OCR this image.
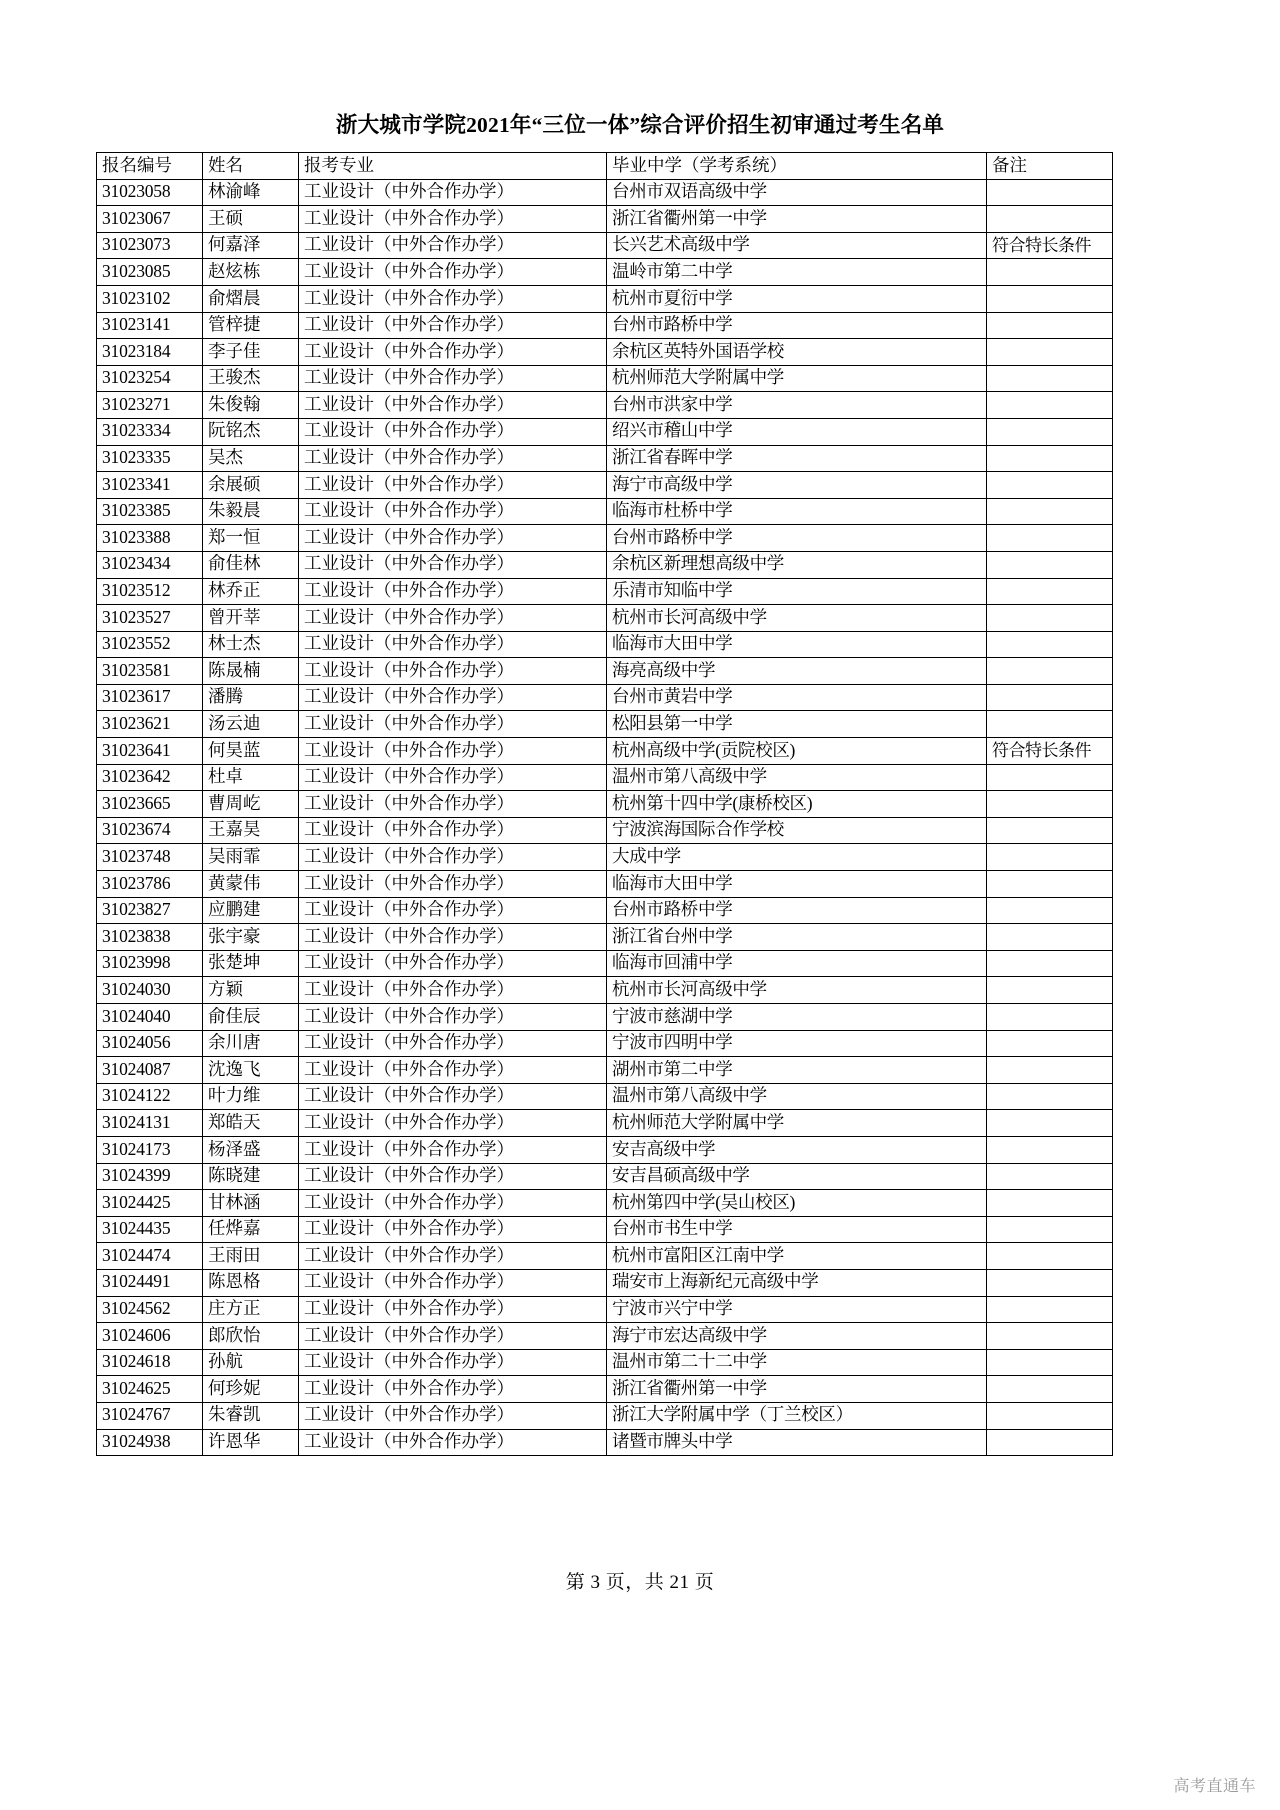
浙大城市学院2021年“三位一体”综合评价招生初审通过考生名单
报名编号	姓名	报考专业	毕业中学（学考系统）	备注
31023058	林渝峰	工业设计（中外合作办学）	台州市双语高级中学	
31023067	王硕	工业设计（中外合作办学）	浙江省衢州第一中学	
31023073	何嘉泽	工业设计（中外合作办学）	长兴艺术高级中学	符合特长条件
31023085	赵炫栋	工业设计（中外合作办学）	温岭市第二中学	
31023102	俞熠晨	工业设计（中外合作办学）	杭州市夏衍中学	
31023141	管梓捷	工业设计（中外合作办学）	台州市路桥中学	
31023184	李子佳	工业设计（中外合作办学）	余杭区英特外国语学校	
31023254	王骏杰	工业设计（中外合作办学）	杭州师范大学附属中学	
31023271	朱俊翰	工业设计（中外合作办学）	台州市洪家中学	
31023334	阮铭杰	工业设计（中外合作办学）	绍兴市稽山中学	
31023335	吴杰	工业设计（中外合作办学）	浙江省春晖中学	
31023341	余展硕	工业设计（中外合作办学）	海宁市高级中学	
31023385	朱毅晨	工业设计（中外合作办学）	临海市杜桥中学	
31023388	郑一恒	工业设计（中外合作办学）	台州市路桥中学	
31023434	俞佳林	工业设计（中外合作办学）	余杭区新理想高级中学	
31023512	林乔正	工业设计（中外合作办学）	乐清市知临中学	
31023527	曾开莘	工业设计（中外合作办学）	杭州市长河高级中学	
31023552	林士杰	工业设计（中外合作办学）	临海市大田中学	
31023581	陈晟楠	工业设计（中外合作办学）	海亮高级中学	
31023617	潘腾	工业设计（中外合作办学）	台州市黄岩中学	
31023621	汤云迪	工业设计（中外合作办学）	松阳县第一中学	
31023641	何昊蓝	工业设计（中外合作办学）	杭州高级中学(贡院校区)	符合特长条件
31023642	杜卓	工业设计（中外合作办学）	温州市第八高级中学	
31023665	曹周屹	工业设计（中外合作办学）	杭州第十四中学(康桥校区)	
31023674	王嘉昊	工业设计（中外合作办学）	宁波滨海国际合作学校	
31023748	吴雨霏	工业设计（中外合作办学）	大成中学	
31023786	黄蒙伟	工业设计（中外合作办学）	临海市大田中学	
31023827	应鹏建	工业设计（中外合作办学）	台州市路桥中学	
31023838	张宇豪	工业设计（中外合作办学）	浙江省台州中学	
31023998	张楚坤	工业设计（中外合作办学）	临海市回浦中学	
31024030	方颖	工业设计（中外合作办学）	杭州市长河高级中学	
31024040	俞佳辰	工业设计（中外合作办学）	宁波市慈湖中学	
31024056	余川唐	工业设计（中外合作办学）	宁波市四明中学	
31024087	沈逸飞	工业设计（中外合作办学）	湖州市第二中学	
31024122	叶力维	工业设计（中外合作办学）	温州市第八高级中学	
31024131	郑皓天	工业设计（中外合作办学）	杭州师范大学附属中学	
31024173	杨泽盛	工业设计（中外合作办学）	安吉高级中学	
31024399	陈晓建	工业设计（中外合作办学）	安吉昌硕高级中学	
31024425	甘林涵	工业设计（中外合作办学）	杭州第四中学(吴山校区)	
31024435	任烨嘉	工业设计（中外合作办学）	台州市书生中学	
31024474	王雨田	工业设计（中外合作办学）	杭州市富阳区江南中学	
31024491	陈恩格	工业设计（中外合作办学）	瑞安市上海新纪元高级中学	
31024562	庄方正	工业设计（中外合作办学）	宁波市兴宁中学	
31024606	郎欣怡	工业设计（中外合作办学）	海宁市宏达高级中学	
31024618	孙航	工业设计（中外合作办学）	温州市第二十二中学	
31024625	何珍妮	工业设计（中外合作办学）	浙江省衢州第一中学	
31024767	朱睿凯	工业设计（中外合作办学）	浙江大学附属中学（丁兰校区）	
31024938	许恩华	工业设计（中外合作办学）	诸暨市牌头中学	
第 3 页，共 21 页
高考直通车
